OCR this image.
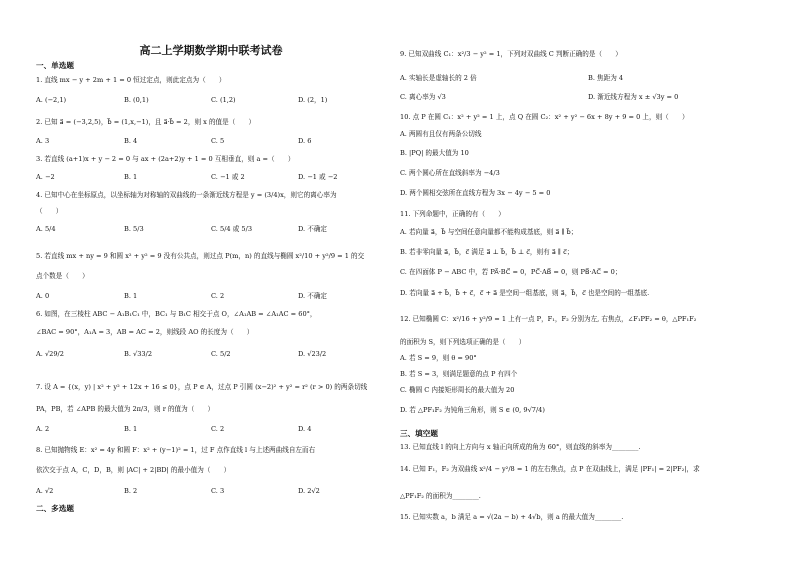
高二上学期数学期中联考试卷
一、单选题
1. 直线 mx − y + 2m + 1 = 0 恒过定点，则此定点为（　　）
A. (−2,1)	B. (0,1)	C. (1,2)	D. (2，1)
2. 已知 a⃗ = (−3,2,5)，b⃗ = (1,x,−1)，且 a⃗·b⃗ = 2，则 x 的值是（　　）
A. 3	B. 4	C. 5	D. 6
3. 若直线 (a+1)x + y − 2 = 0 与 ax + (2a+2)y + 1 = 0 互相垂直，则 a =（　　）
A. −2	B. 1	C. −1 或 2	D. −1 或 −2
4. 已知中心在坐标原点，以坐标轴为对称轴的双曲线的一条渐近线方程是 y = (3/4)x，则它的离心率为
（　　）
A. 5/4	B. 5/3	C. 5/4 或 5/3	D. 不确定
5. 若直线 mx + ny = 9 和圆 x² + y² = 9 没有公共点，则过点 P(m，n) 的直线与椭圆 x²/10 + y²/9 = 1 的交
点个数是（　　）
A. 0	B. 1	C. 2	D. 不确定
6. 如图，在三棱柱 ABC − A₁B₁C₁ 中，BC₁ 与 B₁C 相交于点 O，∠A₁AB = ∠A₁AC = 60°，
∠BAC = 90°，A₁A = 3，AB = AC = 2，则线段 AO 的长度为（　　）
A. √29/2	B. √33/2	C. 5/2	D. √23/2
7. 设 A = {(x，y) | x² + y² + 12x + 16 ≤ 0}，点 P ∈ A，过点 P 引圆 (x−2)² + y² = r² (r > 0) 的两条切线
PA，PB，若 ∠APB 的最大值为 2π/3，则 r 的值为（　　）
A. 2	B. 1	C. 2	D. 4
8. 已知抛物线 E：x² = 4y 和圆 F：x² + (y−1)² = 1，过 F 点作直线 l 与上述两曲线自左而右
依次交于点 A，C，D，B，则 |AC| + 2|BD| 的最小值为（　　）
A. √2	B. 2	C. 3	D. 2√2
二、多选题
9. 已知双曲线 C₁：x²/3 − y² = 1，下列对双曲线 C 判断正确的是（　　）
A. 实轴长是虚轴长的 2 倍	B. 焦距为 4
C. 离心率为 √3	D. 渐近线方程为 x ± √3y = 0
10. 点 P 在圆 C₁：x² + y² = 1 上，点 Q 在圆 C₂：x² + y² − 6x + 8y + 9 = 0 上，则（　　）
A. 两圆有且仅有两条公切线
B. |PQ| 的最大值为 10
C. 两个圆心所在直线斜率为 −4/3
D. 两个圆相交弦所在直线方程为 3x − 4y − 5 = 0
11. 下列命题中，正确的有（　　）
A. 若向量 a⃗，b⃗ 与空间任意向量都不能构成基底，则 a⃗ ∥ b⃗；
B. 若非零向量 a⃗，b⃗，c⃗ 满足 a⃗ ⊥ b⃗，b⃗ ⊥ c⃗，则有 a⃗ ∥ c⃗；
C. 在四面体 P − ABC 中，若 PA⃗·BC⃗ = 0，PC⃗·AB⃗ = 0，则 PB⃗·AC⃗ = 0；
D. 若向量 a⃗ + b⃗，b⃗ + c⃗，c⃗ + a⃗ 是空间一组基底，则 a⃗，b⃗，c⃗ 也是空间的一组基底.
12. 已知椭圆 C：x²/16 + y²/9 = 1 上有一点 P，F₁，F₂ 分别为左, 右焦点，∠F₁PF₂ = θ，△PF₁F₂
的面积为 S，则下列选项正确的是（　　）
A. 若 S = 9，则 θ = 90°
B. 若 S = 3，则满足题意的点 P 有四个
C. 椭圆 C 内接矩形周长的最大值为 20
D. 若 △PF₁F₂ 为钝角三角形，则 S ∈ (0, 9√7/4)
三、填空题
13. 已知直线 l 的向上方向与 x 轴正向所成的角为 60°，则直线的斜率为________.
14. 已知 F₁，F₂ 为双曲线 x²/4 − y²/8 = 1 的左右焦点，点 P 在双曲线上，满足 |PF₁| = 2|PF₂|，求
△PF₁F₂ 的面积为________.
15. 已知实数 a，b 满足 a = √(2a − b) + 4√b，则 a 的最大值为________.
